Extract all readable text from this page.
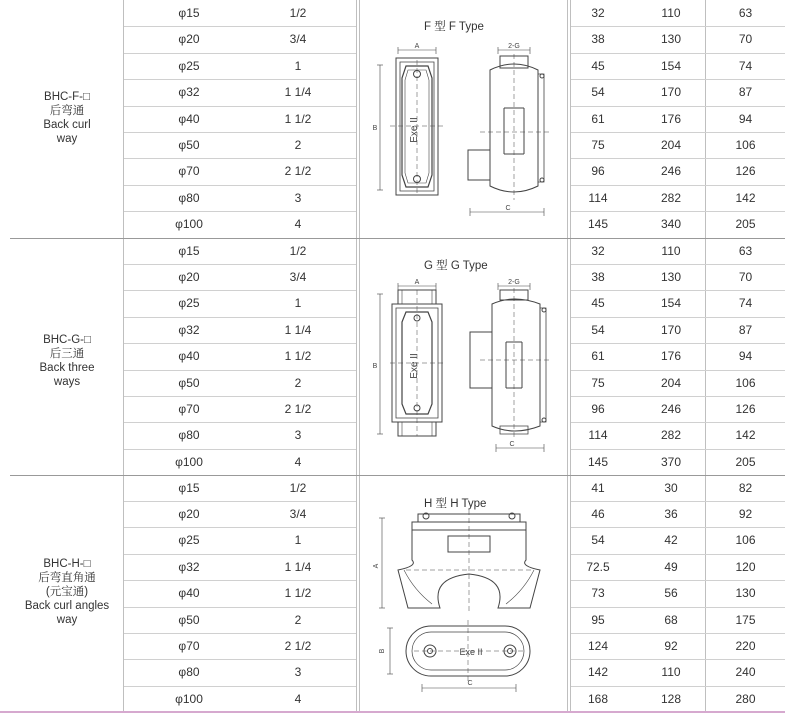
φ15	1/2	32	110	63
φ20	3/4	38	130	70
φ25	1	45	154	74
φ32	1 1/4	54	170	87
φ40	1 1/2	61	176	94
φ50	2	75	204	106
φ70	2 1/2	96	246	126
φ80	3	114	282	142
φ100	4	145	340	205
φ15	1/2	32	110	63
φ20	3/4	38	130	70
φ25	1	45	154	74
φ32	1 1/4	54	170	87
φ40	1 1/2	61	176	94
φ50	2	75	204	106
φ70	2 1/2	96	246	126
φ80	3	114	282	142
φ100	4	145	370	205
φ15	1/2	41	30	82
φ20	3/4	46	36	92
φ25	1	54	42	106
φ32	1 1/4	72.5	49	120
φ40	1 1/2	73	56	130
φ50	2	95	68	175
φ70	2 1/2	124	92	220
φ80	3	142	110	240
φ100	4	168	128	280
BHC-F-□
后弯通
Back curl
way
BHC-G-□
后三通
Back three
ways
BHC-H-□
后弯直角通
(元宝通)
Back curl angles
way
F 型 F Type
G 型 G Type
H 型 H Type
A
B	Exe II
2-G
C
A
B	Exe II
2-G
C
A
B	Exe II
C
